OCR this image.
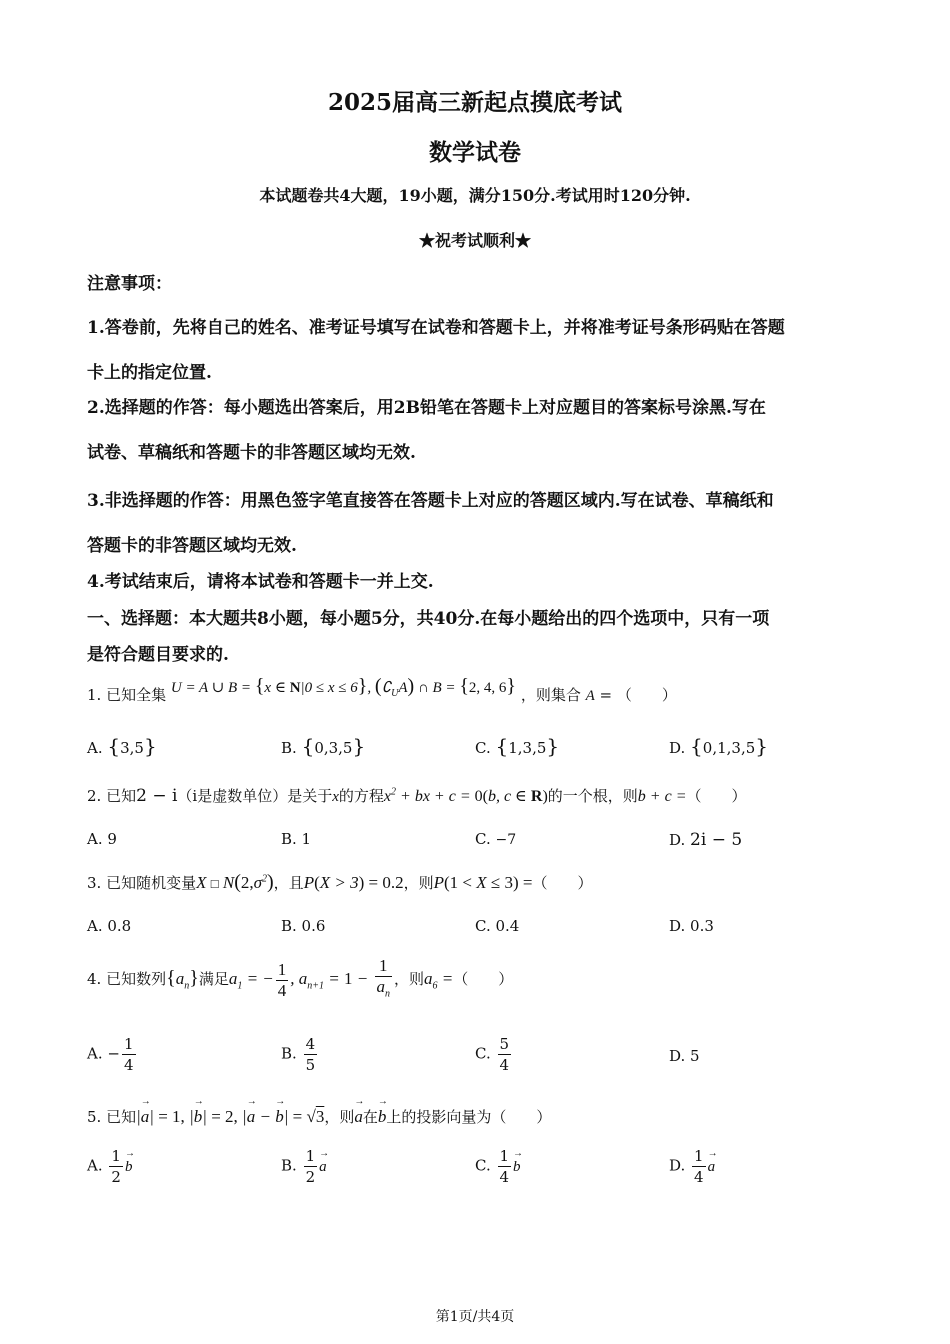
2025届高三新起点摸底考试
数学试卷
本试题卷共4大题，19小题，满分150分.考试用时120分钟.
★祝考试顺利★
注意事项：
1.答卷前，先将自己的姓名、准考证号填写在试卷和答题卡上，并将准考证号条形码贴在答题
卡上的指定位置.
2.选择题的作答：每小题选出答案后，用2B铅笔在答题卡上对应题目的答案标号涂黑.写在
试卷、草稿纸和答题卡的非答题区域均无效.
3.非选择题的作答：用黑色签字笔直接答在答题卡上对应的答题区域内.写在试卷、草稿纸和
答题卡的非答题区域均无效.
4.考试结束后，请将本试卷和答题卡一并上交.
一、选择题：本大题共8小题，每小题5分，共40分.在每小题给出的四个选项中，只有一项
是符合题目要求的.
1. 已知全集 U = A ∪ B = {x ∈ N|0 ≤ x ≤ 6}, $(∁_UA)$ ∩ B = {2, 4, 6} ，则集合 A = （　　）
A. {3,5}	B. {0,3,5}	C. {1,3,5}	D. {0,1,3,5}
2. 已知2 − i（i是虚数单位）是关于x的方程$x^2$ + bx + c = 0(b, c ∈ R)的一个根，则b + c =（　　）
A. 9	B. 1	C. −7	D. 2i − 5
3. 已知随机变量X □ $N(2,\sigma^2)$，且P(X > 3) = 0.2，则P(1 < X ≤ 3) =（　　）
A. 0.8	B. 0.6	C. 0.4	D. 0.3
4. 已知数列$\{a_n\}$满足$a_1$ = − $\frac{1}{4}$ , $a_{n+1} = 1 - \frac{1}{a_n}$ ，则$a_6$ =（　　）
A. − $\frac{1}{4}$	B. $\frac{4}{5}$	C. $\frac{5}{4}$	D. 5
5. 已知|→ a| = 1, |→ b| = 2, |→ a − → b| = √3，则→ a在→ b上的投影向量为（　　）
A. $\frac{1}{2} \to b$	B. $\frac{1}{2} \to a$	C. $\frac{1}{4} \to b$	D. $\frac{1}{4} \to a$
第1页/共4页
